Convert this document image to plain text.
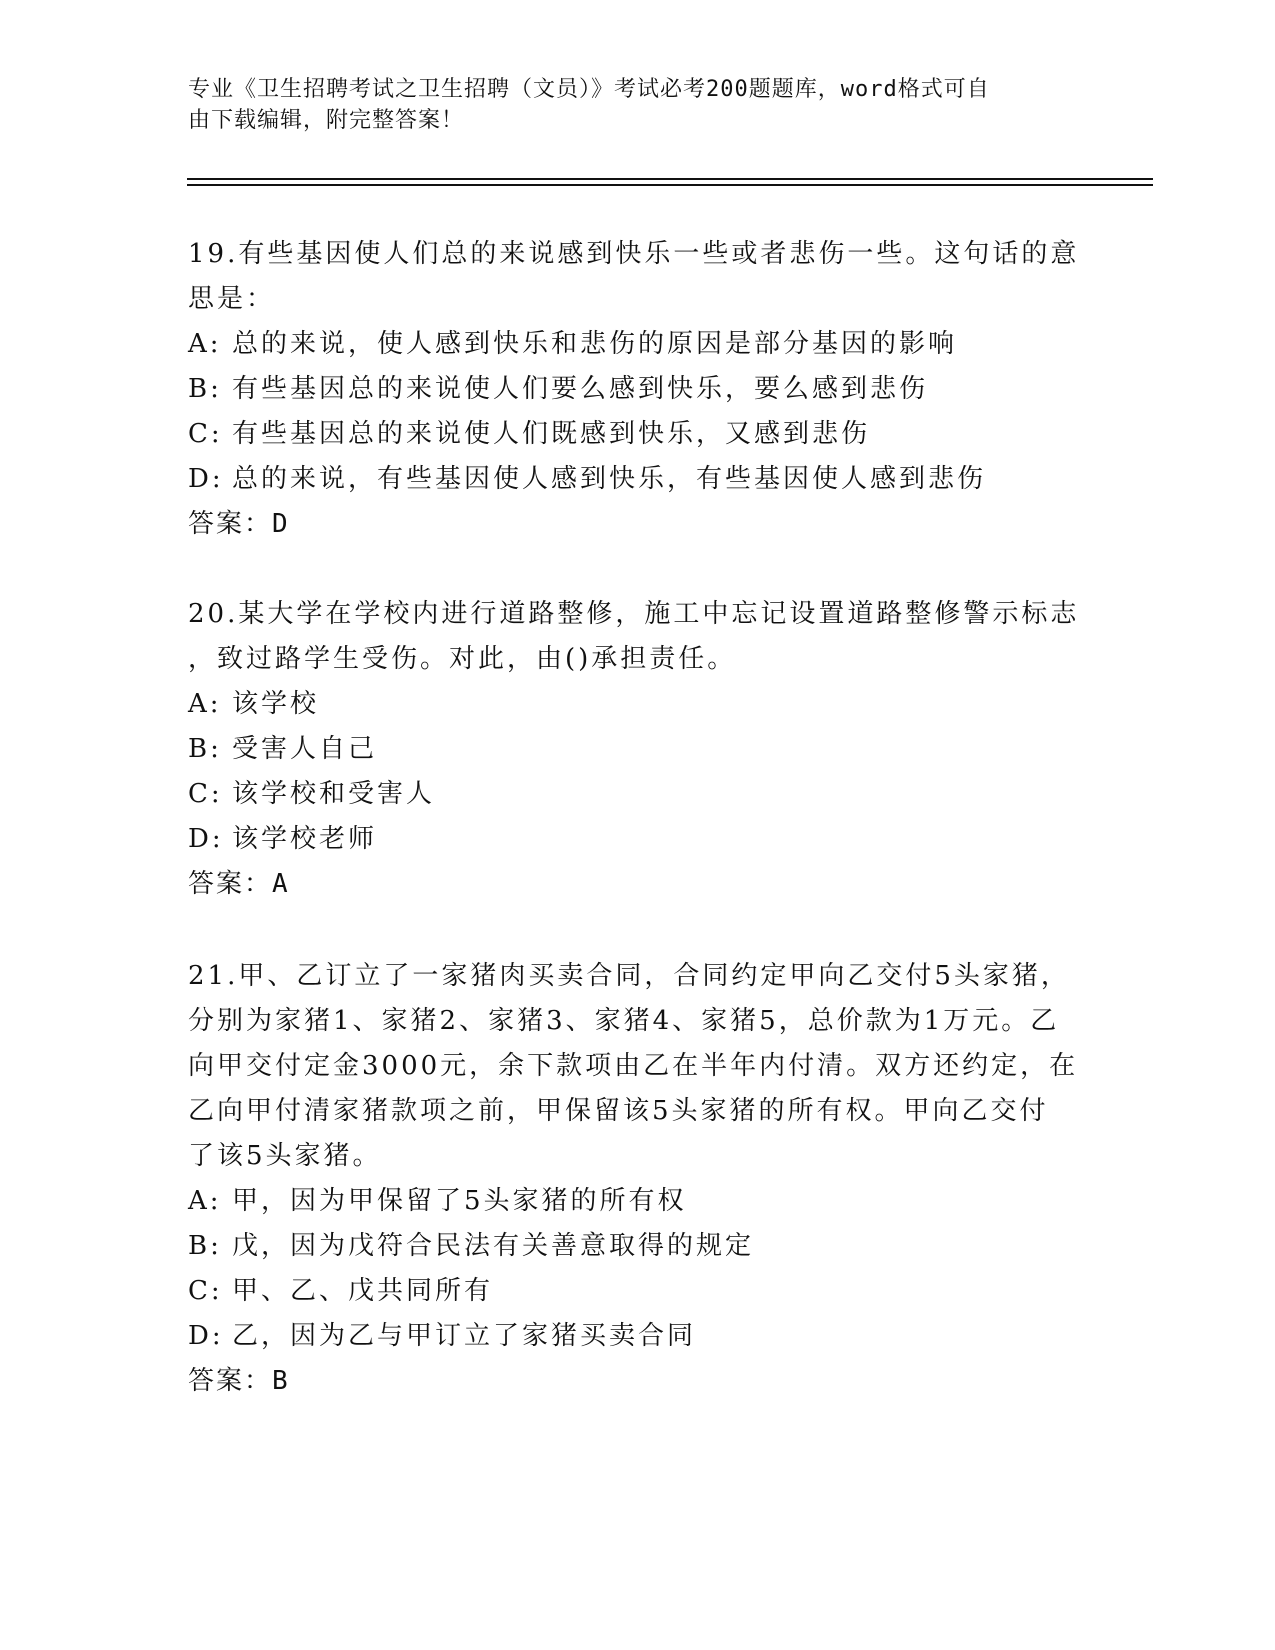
专业《卫生招聘考试之卫生招聘（文员）》考试必考200题题库，word格式可自
由下载编辑，附完整答案！

19.有些基因使人们总的来说感到快乐一些或者悲伤一些。这句话的意

思是：

A: 总的来说，使人感到快乐和悲伤的原因是部分基因的影响

B: 有些基因总的来说使人们要么感到快乐，要么感到悲伤

C: 有些基因总的来说使人们既感到快乐，又感到悲伤

D: 总的来说，有些基因使人感到快乐，有些基因使人感到悲伤

答案：D

20.某大学在学校内进行道路整修，施工中忘记设置道路整修警示标志

，致过路学生受伤。对此，由()承担责任。

A: 该学校

B: 受害人自己

C: 该学校和受害人

D: 该学校老师

答案：A

21.甲、乙订立了一家猪肉买卖合同，合同约定甲向乙交付5头家猪，

分别为家猪1、家猪2、家猪3、家猪4、家猪5，总价款为1万元。乙

向甲交付定金3000元，余下款项由乙在半年内付清。双方还约定，在

乙向甲付清家猪款项之前，甲保留该5头家猪的所有权。甲向乙交付

了该5头家猪。

A: 甲，因为甲保留了5头家猪的所有权

B: 戊，因为戊符合民法有关善意取得的规定

C: 甲、乙、戊共同所有

D: 乙，因为乙与甲订立了家猪买卖合同

答案：B
